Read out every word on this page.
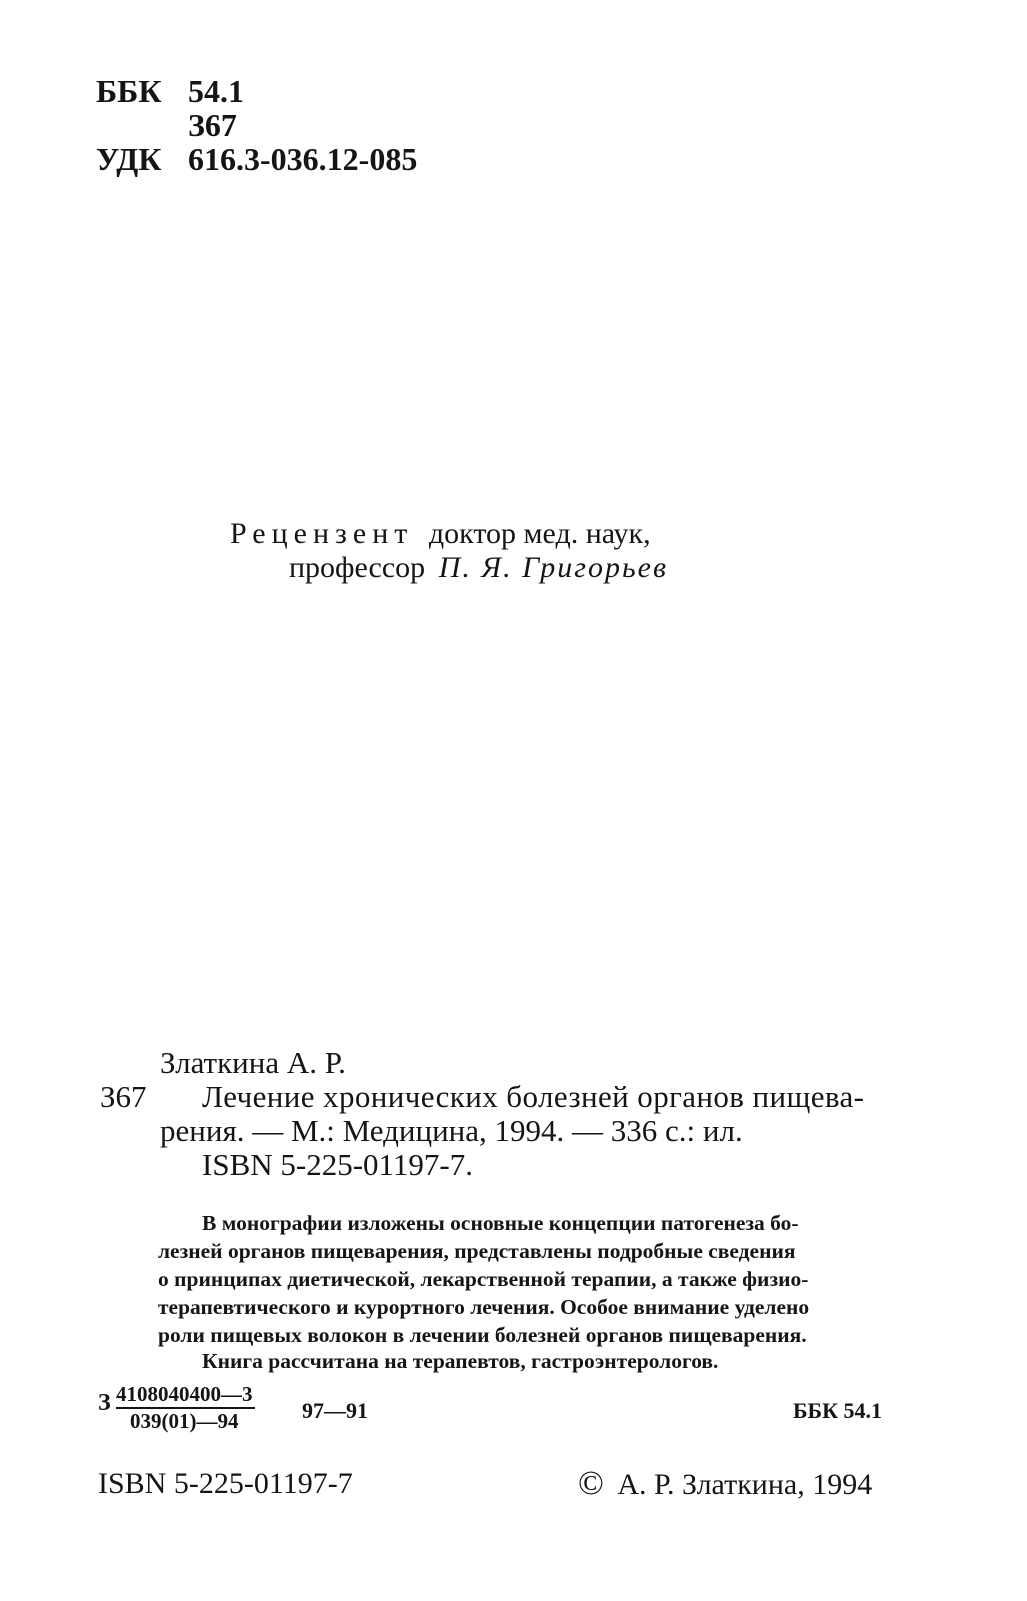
ББК 54.1
З67
УДК 616.3-036.12-085
Рецензент доктор мед. наук,
профессор П. Я. Григорьев
Златкина А. Р.
З67 Лечение хронических болезней органов пищева-
рения. — М.: Медицина, 1994. — 336 с.: ил.
ISBN 5-225-01197-7.
В монографии изложены основные концепции патогенеза бо-
лезней органов пищеварения, представлены подробные сведения
о принципах диетической, лекарственной терапии, а также физио-
терапевтического и курортного лечения. Особое внимание уделено
роли пищевых волокон в лечении болезней органов пищеварения.
Книга рассчитана на терапевтов, гастроэнтерологов.
З $\frac{4108040400—3}{039(01)—94}$ 97—91	ББК 54.1
ISBN 5-225-01197-7	© А. Р. Златкина, 1994
